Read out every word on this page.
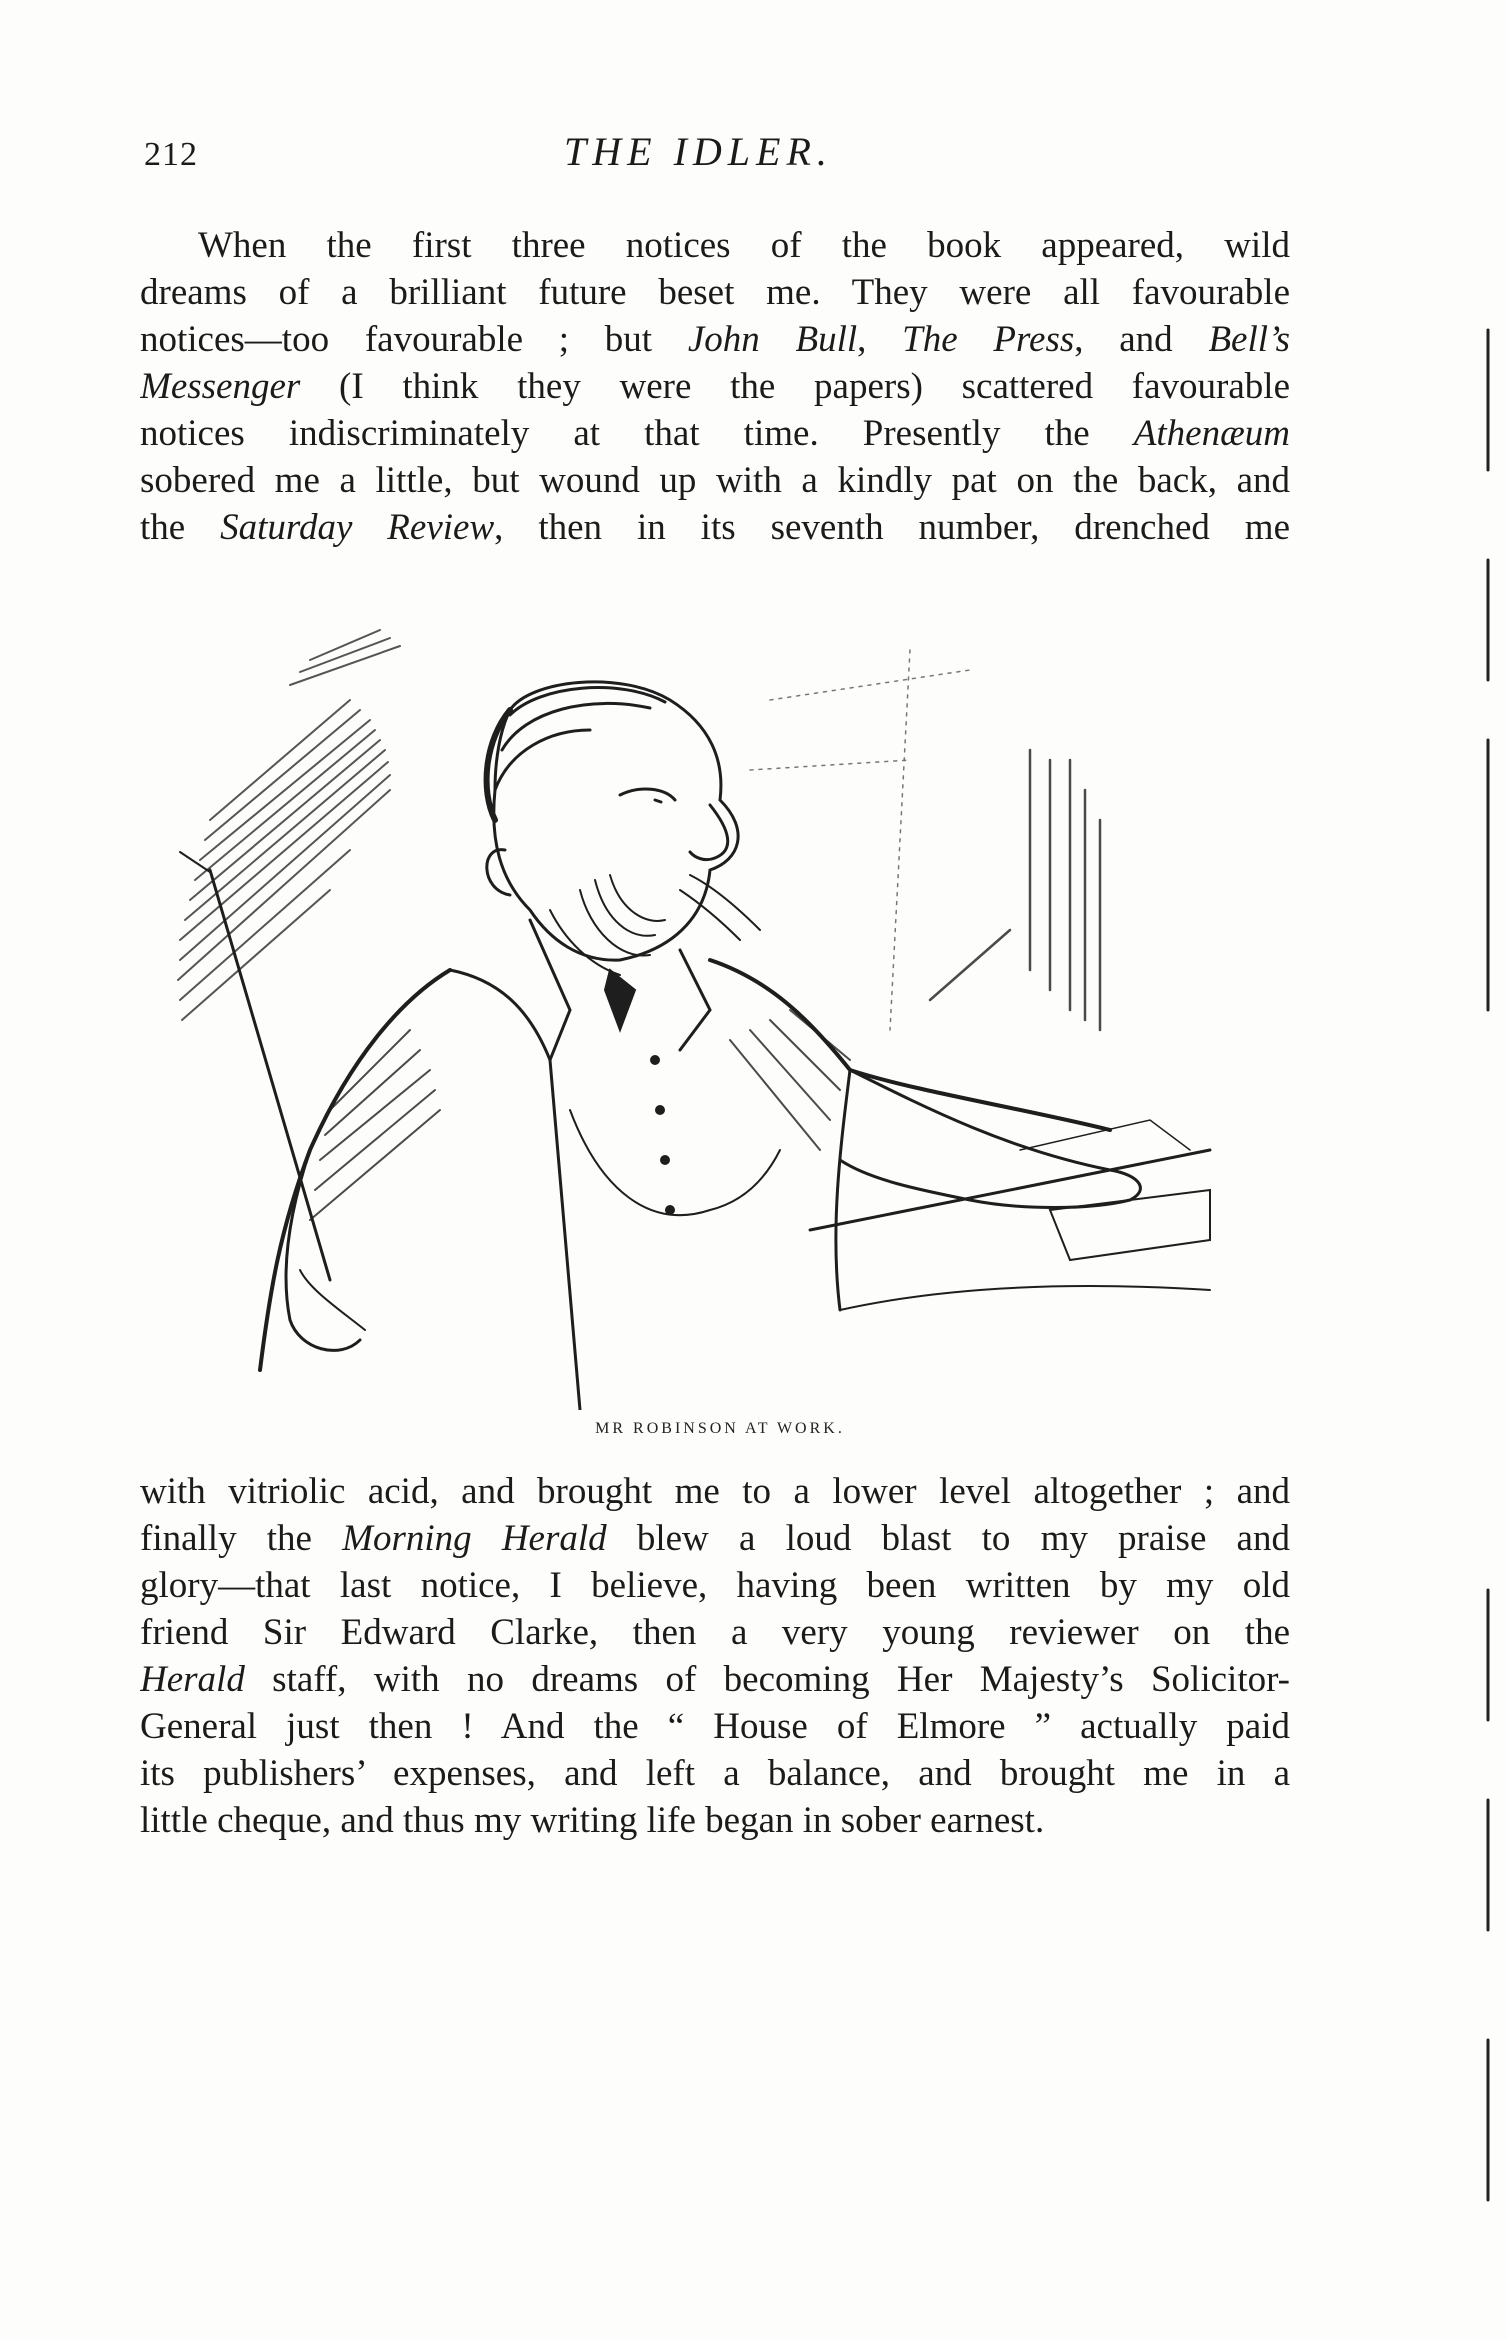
212	THE IDLER.
When the first three notices of the book appeared, wild
dreams of a brilliant future beset me. They were all favourable
notices—too favourable ; but John Bull, The Press, and Bell’s
Messenger (I think they were the papers) scattered favourable
notices indiscriminately at that time. Presently the Athenæum
sobered me a little, but wound up with a kindly pat on the back, and
the Saturday Review, then in its seventh number, drenched me
MR ROBINSON AT WORK.
with vitriolic acid, and brought me to a lower level altogether ; and
finally the Morning Herald blew a loud blast to my praise and
glory—that last notice, I believe, having been written by my old
friend Sir Edward Clarke, then a very young reviewer on the
Herald staff, with no dreams of becoming Her Majesty’s Solicitor-
General just then ! And the “ House of Elmore ” actually paid
its publishers’ expenses, and left a balance, and brought me in a
little cheque, and thus my writing life began in sober earnest.
